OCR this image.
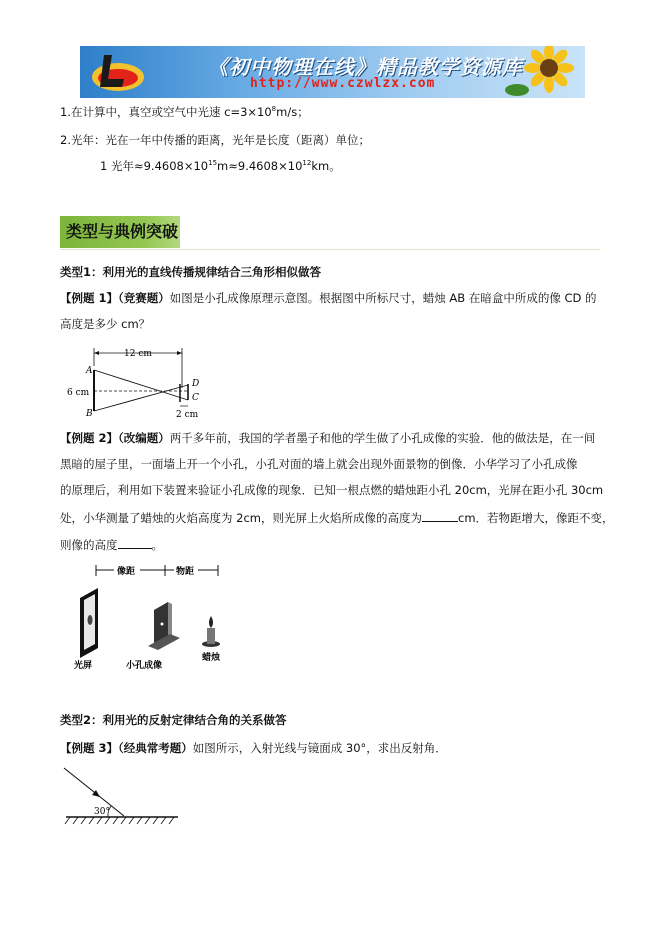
《初中物理在线》精品教学资源库
http://www.czwlzx.com
1.在计算中，真空或空气中光速 $c=3\times 10^8m/s$；
2.光年：光在一年中传播的距离，光年是长度（距离）单位；
1 光年$\approx 9.4608\times 10^{15}m\approx 9.4608\times 10^{12}km$。
类型与典例突破
类型1：利用光的直线传播规律结合三角形相似做答
【例题 1】（竞赛题）如图是小孔成像原理示意图。根据图中所标尺寸，蜡烛 AB 在暗盒中所成的像 CD 的
高度是多少 cm？
12 cm
A
B
6 cm
D
C
2 cm
【例题 2】（改编题）两千多年前，我国的学者墨子和他的学生做了小孔成像的实验．他的做法是，在一间
黑暗的屋子里，一面墙上开一个小孔，小孔对面的墙上就会出现外面景物的倒像．小华学习了小孔成像
的原理后，利用如下装置来验证小孔成像的现象．已知一根点燃的蜡烛距小孔 20cm，光屏在距小孔 30cm
处，小华测量了蜡烛的火焰高度为 2cm，则光屏上火焰所成像的高度为	cm．若物距增大，像距不变，
则像的高度	。
像距	物距
光屏	小孔成像
蜡烛
类型2：利用光的反射定律结合角的关系做答
【例题 3】（经典常考题）如图所示，入射光线与镜面成 30°，求出反射角．
30°
